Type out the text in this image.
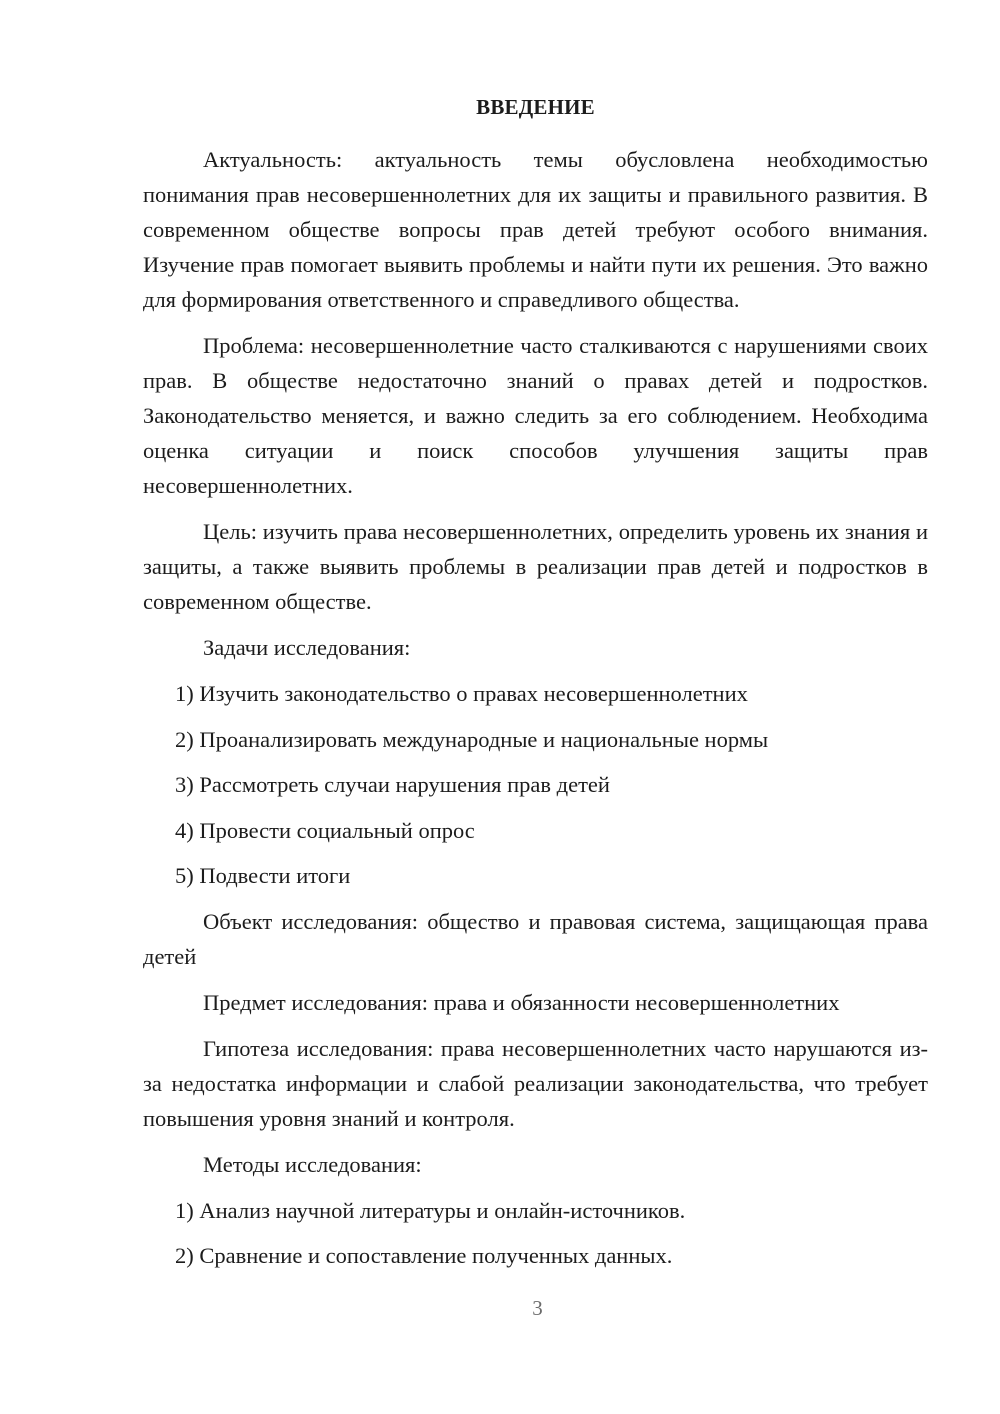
ВВЕДЕНИЕ

Актуальность: актуальность темы обусловлена необходимостью понимания прав несовершеннолетних для их защиты и правильного развития. В современном обществе вопросы прав детей требуют особого внимания. Изучение прав помогает выявить проблемы и найти пути их решения. Это важно для формирования ответственного и справедливого общества.

Проблема: несовершеннолетние часто сталкиваются с нарушениями своих прав. В обществе недостаточно знаний о правах детей и подростков. Законодательство меняется, и важно следить за его соблюдением. Необходима оценка ситуации и поиск способов улучшения защиты прав несовершеннолетних.

Цель: изучить права несовершеннолетних, определить уровень их знания и защиты, а также выявить проблемы в реализации прав детей и подростков в современном обществе.

Задачи исследования:

1) Изучить законодательство о правах несовершеннолетних
2) Проанализировать международные и национальные нормы
3) Рассмотреть случаи нарушения прав детей
4) Провести социальный опрос
5) Подвести итоги

Объект исследования: общество и правовая система, защищающая права детей

Предмет исследования: права и обязанности несовершеннолетних

Гипотеза исследования: права несовершеннолетних часто нарушаются из-за недостатка информации и слабой реализации законодательства, что требует повышения уровня знаний и контроля.

Методы исследования:

1) Анализ научной литературы и онлайн-источников.
2) Сравнение и сопоставление полученных данных.
3
